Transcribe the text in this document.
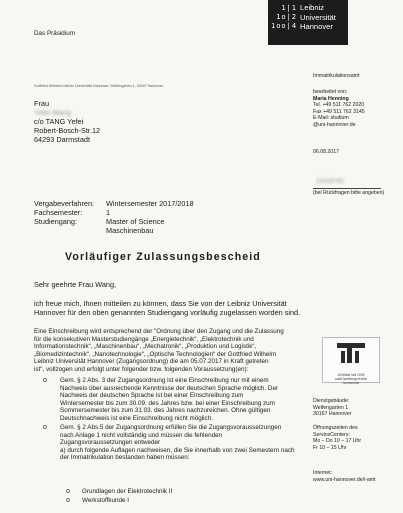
Das Präsidium
1|1
1o|2
1oo|4
Leibniz
Universität
Hannover
Gottfried Wilhelm Leibniz Universität Hannover, Welfengarten 1, 30167 Hannover
Frau
Yefei Wang
c/o TANG Yefei
Robert-Bosch-Str.12
64293 Darmstadt
Immatrikulationsamt
bearbeitet von:
Maria Henning
Tel. +49 511 762 2020
Fax +49 511 762 3145
E-Mail: studium
@uni-hannover.de
06.08.2017
10008765
(bei Rückfragen bitte angeben)
Vergabeverfahren:
Fachsemester:
Studiengang:
Wintersemester 2017/2018
1
Master of Science
Maschinenbau
Vorläufiger Zulassungsbescheid
Sehr geehrte Frau Wang,
ich freue mich, Ihnen mitteilen zu können, dass Sie von der Leibniz Universität
Hannover für den oben genannten Studiengang vorläufig zugelassen worden sind.
Eine Einschreibung wird entsprechend der "Ordnung über den Zugang und die Zulassung
für die konsekutiven Masterstudiengänge „Energietechnik“, „Elektrotechnik und
Informationstechnik“, „Maschinenbau“, „Mechatronik“, „Produktion und Logistik“,
„Biomedizintechnik“, „Nanotechnologie“, „Optische Technologien“ der Gottfried Wilhelm
Leibniz Universität Hannover (Zugangsordnung) die am 05.07.2017 in Kraft getreten
ist", vollzogen und erfolgt unter folgender bzw. folgenden Voraussetzung(en):
Zertifikat seit 2008
audit familiengerechte
hochschule
o Gem. § 2 Abs. 3 der Zugangsordnung ist eine Einschreibung nur mit einem
Nachweis über ausreichende Kenntnisse der deutschen Sprache möglich. Der
Nachweis der deutschen Sprache ist bei einer Einschreibung zum
Wintersemester bis zum 30.09. des Jahres bzw. bei einer Einschreibung zum
Sommersemester bis zum 31.03. des Jahres nachzureichen. Ohne gültigen
Deutschnachweis ist eine Einschreibung nicht möglich.
o Gem. § 2 Abs.5 der Zugangsordnung erfüllen Sie die Zugangsvoraussetzungen
nach Anlage 1 nicht vollständig und müssen die fehlenden
Zugangsvoraussetzungen entweder
a) durch folgende Auflagen nachweisen, die Sie innerhalb von zwei Semestern nach
der Immatrikulation bestanden haben müssen:
o Grundlagen der Elektrotechnik II
o Werkstoffkunde I
Dienstgebäude:
Welfengarten 1
30167 Hannover
Öffnungszeiten des
ServiceCenters:
Mo – Do 10 – 17 Uhr
Fr 10 – 15 Uhr
Internet:
www.uni-hannover.de/i-amt
